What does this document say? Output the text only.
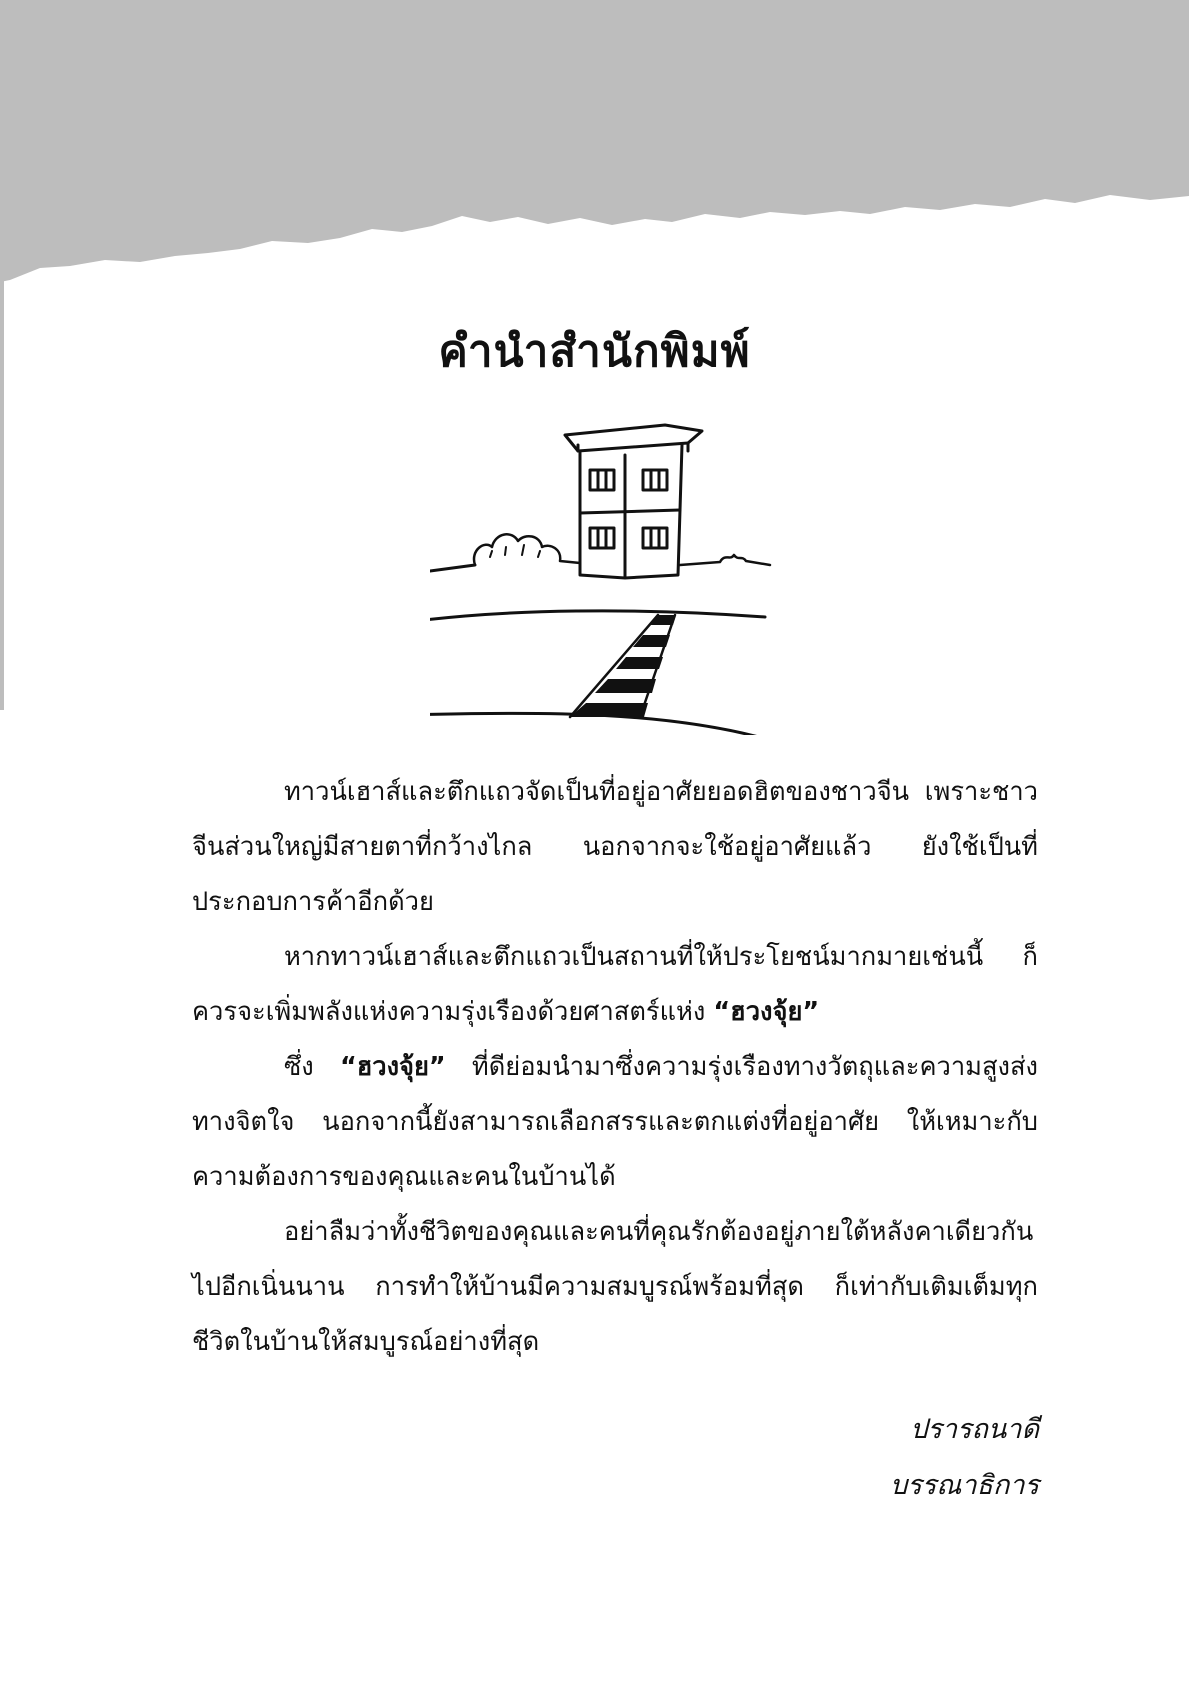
คำนำสำนักพิมพ์

ทาวน์เฮาส์และตึกแถวจัดเป็นที่อยู่อาศัยยอดฮิตของชาวจีน เพราะชาวจีนส่วนใหญ่มีสายตาที่กว้างไกล นอกจากจะใช้อยู่อาศัยแล้ว ยังใช้เป็นที่ประกอบการค้าอีกด้วย

หากทาวน์เฮาส์และตึกแถวเป็นสถานที่ให้ประโยชน์มากมายเช่นนี้ ก็ควรจะเพิ่มพลังแห่งความรุ่งเรืองด้วยศาสตร์แห่ง “ฮวงจุ้ย”

ซึ่ง “ฮวงจุ้ย” ที่ดีย่อมนำมาซึ่งความรุ่งเรืองทางวัตถุและความสูงส่งทางจิตใจ นอกจากนี้ยังสามารถเลือกสรรและตกแต่งที่อยู่อาศัย ให้เหมาะกับความต้องการของคุณและคนในบ้านได้

อย่าลืมว่าทั้งชีวิตของคุณและคนที่คุณรักต้องอยู่ภายใต้หลังคาเดียวกันไปอีกเนิ่นนาน การทำให้บ้านมีความสมบูรณ์พร้อมที่สุด ก็เท่ากับเติมเต็มทุกชีวิตในบ้านให้สมบูรณ์อย่างที่สุด

ปรารถนาดี
บรรณาธิการ
